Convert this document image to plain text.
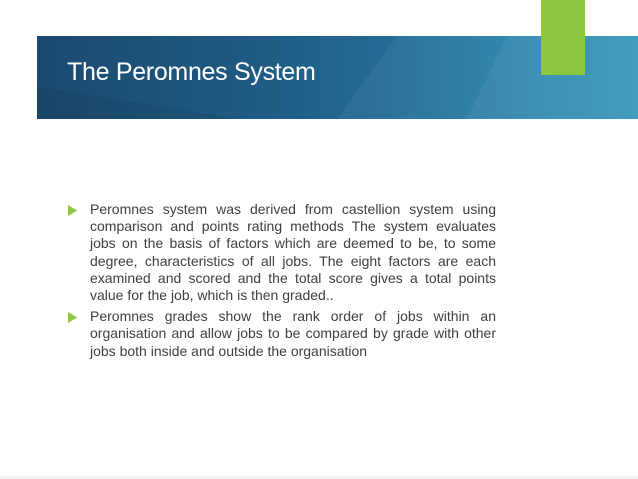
The Peromnes System
Peromnes system was derived from castellion system using comparison and points rating methods The system evaluates jobs on the basis of factors which are deemed to be, to some degree, characteristics of all jobs. The eight factors are each examined and scored and the total score gives a total points value for the job, which is then graded..
Peromnes grades show the rank order of jobs within an organisation and allow jobs to be compared by grade with other jobs both inside and outside the organisation
